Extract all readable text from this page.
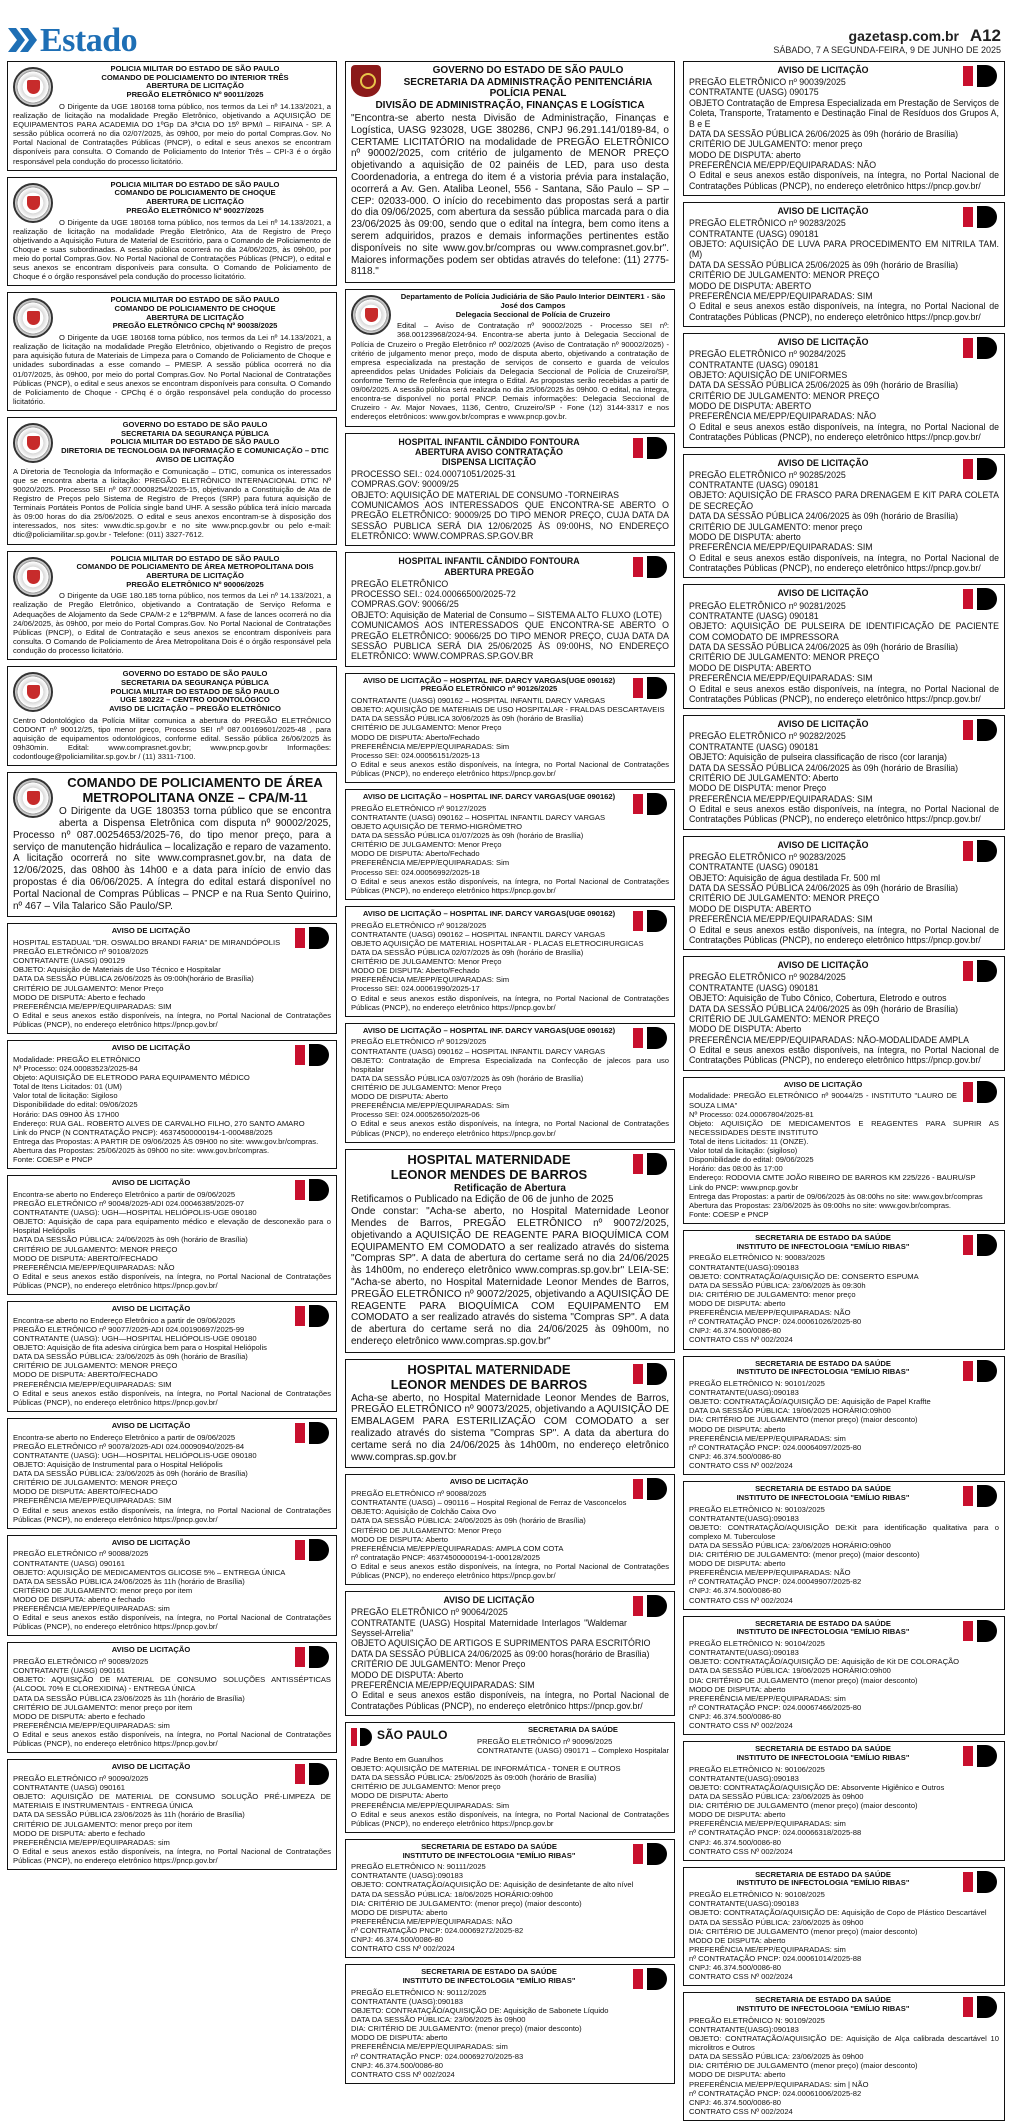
Estado	gazetasp.com.br A12
SÁBADO, 7 A SEGUNDA-FEIRA, 9 DE JUNHO DE 2025
POLICIA MILITAR DO ESTADO DE SÃO PAULO
COMANDO DE POLICIAMENTO DO INTERIOR TRÊS
ABERTURA DE LICITAÇÃO
PREGÃO ELETRÔNICO Nº 90011/2025
O Dirigente da UGE 180168 torna público, nos termos da Lei nº 14.133/2021, a realização de licitação na modalidade Pregão Eletrônico, objetivando a AQUISIÇÃO DE EQUIPAMENTOS PARA ACADEMIA DO 1ºGp DA 3ªCIA DO 15º BPM/I – RIFAINA - SP. A sessão pública ocorrerá no dia 02/07/2025, às 09h00, por meio do portal Compras.Gov. No Portal Nacional de Contratações Públicas (PNCP), o edital e seus anexos se encontram disponíveis para consulta. O Comando de Policiamento do Interior Três – CPI-3 é o órgão responsável pela condução do processo licitatório.
POLICIA MILITAR DO ESTADO DE SÃO PAULO
COMANDO DE POLICIAMENTO DE CHOQUE
ABERTURA DE LICITAÇÃO
PREGÃO ELETRÔNICO Nº 90027/2025
O Dirigente da UGE 180168 torna público, nos termos da Lei nº 14.133/2021, a realização de licitação na modalidade Pregão Eletrônico, Ata de Registro de Preço objetivando a Aquisição Futura de Material de Escritório, para o Comando de Policiamento de Choque e suas subordinadas. A sessão pública ocorrerá no dia 24/06/2025, às 09h00, por meio do portal Compras.Gov. No Portal Nacional de Contratações Públicas (PNCP), o edital e seus anexos se encontram disponíveis para consulta. O Comando de Policiamento de Choque é o órgão responsável pela condução do processo licitatório.
POLICIA MILITAR DO ESTADO DE SÃO PAULO
COMANDO DE POLICIAMENTO DE CHOQUE
ABERTURA DE LICITAÇÃO
PREGÃO ELETRÔNICO CPChq Nº 90038/2025
O Dirigente da UGE 180168 torna público, nos termos da Lei nº 14.133/2021, a realização de licitação na modalidade Pregão Eletrônico, objetivando o Registro de preços para aquisição futura de Materiais de Limpeza para o Comando de Policiamento de Choque e unidades subordinadas a esse comando – PMESP. A sessão pública ocorrerá no dia 01/07/2025, às 09h00, por meio do portal Compras.Gov. No Portal Nacional de Contratações Públicas (PNCP), o edital e seus anexos se encontram disponíveis para consulta. O Comando de Policiamento de Choque - CPChq é o órgão responsável pela condução do processo licitatório.
GOVERNO DO ESTADO DE SÃO PAULO
SECRETARIA DA SEGURANÇA PÚBLICA
POLICIA MILITAR DO ESTADO DE SÃO PAULO
DIRETORIA DE TECNOLOGIA DA INFORMAÇÃO E COMUNICAÇÃO – DTIC
AVISO DE LICITAÇÃO
A Diretoria de Tecnologia da Informação e Comunicação – DTIC, comunica os interessados que se encontra aberta a licitação: PREGÃO ELETRÔNICO INTERNACIONAL DTIC Nº 90020/2025. Processo SEI nº 087.00008254/2025-15, objetivando a Constituição de Ata de Registro de Preços pelo Sistema de Registro de Preços (SRP) para futura aquisição de Terminais Portáteis Pontos de Polícia single band UHF. A sessão pública terá início marcada às 09:00 horas do dia 25/06/2025. O edital e seus anexos encontram-se à disposição dos interessados, nos sites: www.dtic.sp.gov.br e no site www.pncp.gov.br ou pelo e-mail: dtic@policiamilitar.sp.gov.br - Telefone: (011) 3327-7612.
POLICIA MILITAR DO ESTADO DE SÃO PAULO
COMANDO DE POLICIAMENTO DE ÁREA METROPOLITANA DOIS
ABERTURA DE LICITAÇÃO
PREGÃO ELETRÔNICO Nº 90006/2025
O Dirigente da UGE 180.185 torna público, nos termos da Lei nº 14.133/2021, a realização de Pregão Eletrônico, objetivando a Contratação de Serviço Reforma e Adequações de Alojamento da Sede CPA/M-2 e 12ºBPM/M. A fase de lances ocorrerá no dia 24/06/2025, às 09h00, por meio do Portal Compras.Gov. No Portal Nacional de Contratações Públicas (PNCP), o Edital de Contratação e seus anexos se encontram disponíveis para consulta. O Comando de Policiamento de Área Metropolitana Dois é o órgão responsável pela condução do processo licitatório.
GOVERNO DO ESTADO DE SÃO PAULO
SECRETARIA DA SEGURANÇA PÚBLICA
POLICIA MILITAR DO ESTADO DE SÃO PAULO
UGE 180222 – CENTRO ODONTOLÓGICO
AVISO DE LICITAÇÃO – PREGÃO ELETRÔNICO
Centro Odontológico da Polícia Militar comunica a abertura do PREGÃO ELETRÔNICO CODONT nº 90012/25, tipo menor preço, Processo SEI nº 087.00169601/2025-48 , para aquisição de equipamentos odontológicos, conforme edital. Sessão pública 26/06/2025 às 09h30min. Edital: www.comprasnet.gov.br; www.pncp.gov.br Informações: codontlouge@policiamilitar.sp.gov.br / (11) 3311-7100.
COMANDO DE POLICIAMENTO DE ÁREA
METROPOLITANA ONZE – CPA/M-11
O Dirigente da UGE 180353 torna público que se encontra aberta a Dispensa Eletrônica com disputa nº 90002/2025, Processo nº 087.00254653/2025-76, do tipo menor preço, para a serviço de manutenção hidráulica – localização e reparo de vazamento. A licitação ocorrerá no site www.comprasnet.gov.br, na data de 12/06/2025, das 08h00 às 14h00 e a data para início de envio das propostas é dia 06/06/2025. A íntegra do edital estará disponível no Portal Nacional de Compras Públicas – PNCP e na Rua Sento Quirino, nº 467 – Vila Talarico São Paulo/SP.
AVISO DE LICITAÇÃO
HOSPITAL ESTADUAL "DR. OSWALDO BRANDI FARIA" DE MIRANDÓPOLIS
PREGÃO ELETRÔNICO nº 90108/2025
CONTRATANTE (UASG) 090129
OBJETO: Aquisição de Materiais de Uso Técnico e Hospitalar
DATA DA SESSÃO PÚBLICA 26/06/2025 às 09:00h(horário de Brasília)
CRITÉRIO DE JULGAMENTO: Menor Preço
MODO DE DISPUTA: Aberto e fechado
PREFERÊNCIA ME/EPP/EQUIPARADAS: SIM
O Edital e seus anexos estão disponíveis, na íntegra, no Portal Nacional de Contratações Públicas (PNCP), no endereço eletrônico https://pncp.gov.br/
AVISO DE LICITAÇÃO
Modalidade: PREGÃO ELETRÔNICO
Nº Processo: 024.00083523/2025-84
Objeto: AQUISIÇÃO DE ELETRODO PARA EQUIPAMENTO MÉDICO
Total de Itens Licitados: 01 (UM)
Valor total de licitação: Sigiloso
Disponibilidade do edital: 09/06/2025
Horário: DAS 09H00 ÀS 17H00
Endereço: RUA GAL. ROBERTO ALVES DE CARVALHO FILHO, 270 SANTO AMARO
Link do PNCP (N CONTRATAÇÃO PNCP): 46374500000194-1-000488/2025
Entrega das Propostas: A PARTIR DE 09/06/2025 ÀS 09H00 no site: www.gov.br/compras.
Abertura das Propostas: 25/06/2025 às 09h00 no site: www.gov.br/compras.
Fonte: COESP e PNCP
AVISO DE LICITAÇÃO
Encontra-se aberto no Endereço Eletrônico a partir de 09/06/2025
PREGÃO ELETRÔNICO nº 90048/2025-ADI 024.00046385/2025-07
CONTRATANTE (UASG): UGH—HOSPITAL HELIÓPOLIS-UGE 090180
OBJETO: Aquisição de capa para equipamento médico e elevação de desconexão para o Hospital Heliópolis
DATA DA SESSÃO PÚBLICA: 24/06/2025 às 09h (horário de Brasília)
CRITÉRIO DE JULGAMENTO: MENOR PREÇO
MODO DE DISPUTA: ABERTO/FECHADO
PREFERÊNCIA ME/EPP/EQUIPARADAS: NÃO
O Edital e seus anexos estão disponíveis, na íntegra, no Portal Nacional de Contratações Públicas (PNCP), no endereço eletrônico https://pncp.gov.br/
AVISO DE LICITAÇÃO
Encontra-se aberto no Endereço Eletrônico a partir de 09/06/2025
PREGÃO ELETRÔNICO nº 90077/2025-ADI 024.00190697/2025-99
CONTRATANTE (UASG): UGH—HOSPITAL HELIÓPOLIS-UGE 090180
OBJETO: Aquisição de fita adesiva cirúrgica bem para o Hospital Heliópolis
DATA DA SESSÃO PÚBLICA: 23/06/2025 às 09h (horário de Brasília)
CRITÉRIO DE JULGAMENTO: MENOR PREÇO
MODO DE DISPUTA: ABERTO/FECHADO
PREFERÊNCIA ME/EPP/EQUIPARADAS: SIM
O Edital e seus anexos estão disponíveis, na íntegra, no Portal Nacional de Contratações Públicas (PNCP), no endereço eletrônico https://pncp.gov.br/
AVISO DE LICITAÇÃO
Encontra-se aberto no Endereço Eletrônico a partir de 09/06/2025
PREGÃO ELETRÔNICO nº 90078/2025-ADI 024.00090940/2025-84
CONTRATANTE (UASG): UGH—HOSPITAL HELIÓPOLIS-UGE 090180
OBJETO: Aquisição de Instrumental para o Hospital Heliópolis
DATA DA SESSÃO PÚBLICA: 23/06/2025 às 09h (horário de Brasília)
CRITÉRIO DE JULGAMENTO: MENOR PREÇO
MODO DE DISPUTA: ABERTO/FECHADO
PREFERÊNCIA ME/EPP/EQUIPARADAS: SIM
O Edital e seus anexos estão disponíveis, na íntegra, no Portal Nacional de Contratações Públicas (PNCP), no endereço eletrônico https://pncp.gov.br/
AVISO DE LICITAÇÃO
PREGÃO ELETRÔNICO nº 90088/2025
CONTRATANTE (UASG) 090161
OBJETO: AQUISIÇÃO DE MEDICAMENTOS GLICOSE 5% – ENTREGA ÚNICA
DATA DA SESSÃO PÚBLICA 24/06/2025 às 11h (horário de Brasília)
CRITÉRIO DE JULGAMENTO: menor preço por item
MODO DE DISPUTA: aberto e fechado
PREFERÊNCIA ME/EPP/EQUIPARADAS: sim
O Edital e seus anexos estão disponíveis, na íntegra, no Portal Nacional de Contratações Públicas (PNCP), no endereço eletrônico https://pncp.gov.br/
AVISO DE LICITAÇÃO
PREGÃO ELETRÔNICO nº 90089/2025
CONTRATANTE (UASG) 090161
OBJETO: AQUISIÇÃO DE MATERIAL DE CONSUMO SOLUÇÕES ANTISSÉPTICAS (ALCOOL 70% E CLOREXIDINA) - ENTREGA ÚNICA
DATA DA SESSÃO PÚBLICA 23/06/2025 às 11h (horário de Brasília)
CRITÉRIO DE JULGAMENTO: menor preço por item
MODO DE DISPUTA: aberto e fechado
PREFERÊNCIA ME/EPP/EQUIPARADAS: sim
O Edital e seus anexos estão disponíveis, na íntegra, no Portal Nacional de Contratações Públicas (PNCP), no endereço eletrônico https://pncp.gov.br/
AVISO DE LICITAÇÃO
PREGÃO ELETRÔNICO nº 90090/2025
CONTRATANTE (UASG) 090161
OBJETO: AQUISIÇÃO DE MATERIAL DE CONSUMO SOLUÇÃO PRÉ-LIMPEZA DE MATERIAIS E INSTRUMENTAIS - ENTREGA ÚNICA
DATA DA SESSÃO PÚBLICA 23/06/2025 às 11h (horário de Brasília)
CRITÉRIO DE JULGAMENTO: menor preço por item
MODO DE DISPUTA: aberto e fechado
PREFERÊNCIA ME/EPP/EQUIPARADAS: sim
O Edital e seus anexos estão disponíveis, na íntegra, no Portal Nacional de Contratações Públicas (PNCP), no endereço eletrônico https://pncp.gov.br/
GOVERNO DO ESTADO DE SÃO PAULO
SECRETARIA DA ADMINISTRAÇÃO PENITENCIÁRIA
POLÍCIA PENAL
DIVISÃO DE ADMINISTRAÇÃO, FINANÇAS E LOGÍSTICA
"Encontra-se aberto nesta Divisão de Administração, Finanças e Logística, UASG 923028, UGE 380286, CNPJ 96.291.141/0189-84, o CERTAME LICITATÓRIO na modalidade de PREGÃO ELETRÔNICO nº 90002/2025, com critério de julgamento de MENOR PREÇO objetivando a aquisição de 02 painéis de LED, para uso desta Coordenadoria, a entrega do item é a vistoria prévia para instalação, ocorrerá a Av. Gen. Ataliba Leonel, 556 - Santana, São Paulo – SP – CEP: 02033-000. O início do recebimento das propostas será a partir do dia 09/06/2025, com abertura da sessão pública marcada para o dia 23/06/2025 às 09:00, sendo que o edital na íntegra, bem como itens a serem adquiridos, prazos e demais informações pertinentes estão disponíveis no site www.gov.br/compras ou www.comprasnet.gov.br". Maiores informações podem ser obtidas através do telefone: (11) 2775-8118."
Departamento de Polícia Judiciária de São Paulo Interior DEINTER1 - São José dos Campos
Delegacia Seccional de Polícia de Cruzeiro
Edital – Aviso de Contratação nº 90002/2025 - Processo SEI nº: 368.00123968/2024-94. Encontra-se aberta junto à Delegacia Seccional de Polícia de Cruzeiro o Pregão Eletrônico nº 002/2025 (Aviso de Contratação nº 90002/2025) - critério de julgamento menor preço, modo de disputa aberto, objetivando a contratação de empresa especializada na prestação de serviços de conserto e guarda de veículos apreendidos pelas Unidades Policiais da Delegacia Seccional de Polícia de Cruzeiro/SP, conforme Termo de Referência que integra o Edital. As propostas serão recebidas a partir de 09/06/2025. A sessão pública será realizada no dia 25/06/2025 às 09h00. O edital, na íntegra, encontra-se disponível no portal PNCP. Demais informações: Delegacia Seccional de Cruzeiro - Av. Major Novaes, 1136, Centro, Cruzeiro/SP - Fone (12) 3144-3317 e nos endereços eletrônicos: www.gov.br/compras e www.pncp.gov.br.
HOSPITAL INFANTIL CÂNDIDO FONTOURA
ABERTURA AVISO CONTRATAÇÃO
DISPENSA LICITAÇÃO
PROCESSO SEI.: 024.00071051/2025-31
COMPRAS.GOV: 90009/25
OBJETO: AQUISIÇÃO DE MATERIAL DE CONSUMO -TORNEIRAS
COMUNICAMOS AOS INTERESSADOS QUE ENCONTRA-SE ABERTO O PREGÃO ELETRÔNICO: 90009/25 DO TIPO MENOR PREÇO, CUJA DATA DA SESSÃO PUBLICA SERÁ DIA 12/06/2025 ÀS 09:00HS, NO ENDEREÇO ELETRÔNICO: WWW.COMPRAS.SP.GOV.BR
HOSPITAL INFANTIL CÂNDIDO FONTOURA
ABERTURA PREGÃO
PREGÃO ELETRÔNICO
PROCESSO SEI.: 024.00066500/2025-72
COMPRAS.GOV: 90066/25
OBJETO: Aquisição de Material de Consumo – SISTEMA ALTO FLUXO (LOTE)
COMUNICAMOS AOS INTERESSADOS QUE ENCONTRA-SE ABERTO O PREGÃO ELETRÔNICO: 90066/25 DO TIPO MENOR PREÇO, CUJA DATA DA SESSÃO PUBLICA SERÁ DIA 25/06/2025 ÀS 09:00HS, NO ENDEREÇO ELETRÔNICO: WWW.COMPRAS.SP.GOV.BR
AVISO DE LICITAÇÃO – HOSPITAL INF. DARCY VARGAS(UGE 090162)
PREGÃO ELETRÔNICO nº 90126/2025
CONTRATANTE (UASG) 090162 – HOSPITAL INFANTIL DARCY VARGAS
OBJETO: AQUISIÇÃO DE MATERIAIS DE USO HOSPITALAR - FRALDAS DESCARTAVEIS
DATA DA SESSÃO PÚBLICA 30/06/2025 às 09h (horário de Brasília)
CRITÉRIO DE JULGAMENTO: Menor Preço
MODO DE DISPUTA: Aberto/Fechado
PREFERÊNCIA ME/EPP/EQUIPARADAS: Sim
Processo SEI: 024.00056151/2025-13
O Edital e seus anexos estão disponíveis, na íntegra, no Portal Nacional de Contratações Públicas (PNCP), no endereço eletrônico https://pncp.gov.br/
AVISO DE LICITAÇÃO – HOSPITAL INF. DARCY VARGAS(UGE 090162)
PREGÃO ELETRÔNICO nº 90127/2025
CONTRATANTE (UASG) 090162 – HOSPITAL INFANTIL DARCY VARGAS
OBJETO AQUISIÇÃO DE TERMO-HIGRÔMETRO
DATA DA SESSÃO PÚBLICA 01/07/2025 às 09h (horário de Brasília)
CRITÉRIO DE JULGAMENTO: Menor Preço
MODO DE DISPUTA: Aberto/Fechado
PREFERÊNCIA ME/EPP/EQUIPARADAS: Sim
Processo SEI: 024.00056992/2025-18
O Edital e seus anexos estão disponíveis, na íntegra, no Portal Nacional de Contratações Públicas (PNCP), no endereço eletrônico https://pncp.gov.br/
AVISO DE LICITAÇÃO – HOSPITAL INF. DARCY VARGAS(UGE 090162)
PREGÃO ELETRÔNICO nº 90128/2025
CONTRATANTE (UASG) 090162 – HOSPITAL INFANTIL DARCY VARGAS
OBJETO AQUISIÇÃO DE MATERIAL HOSPITALAR - PLACAS ELETROCIRURGICAS
DATA DA SESSÃO PÚBLICA 02/07/2025 às 09h (horário de Brasília)
CRITÉRIO DE JULGAMENTO: Menor Preço
MODO DE DISPUTA: Aberto/Fechado
PREFERÊNCIA ME/EPP/EQUIPARADAS: Sim
Processo SEI: 024.00061990/2025-17
O Edital e seus anexos estão disponíveis, na íntegra, no Portal Nacional de Contratações Públicas (PNCP), no endereço eletrônico https://pncp.gov.br/
AVISO DE LICITAÇÃO – HOSPITAL INF. DARCY VARGAS(UGE 090162)
PREGÃO ELETRÔNICO nº 90129/2025
CONTRATANTE (UASG) 090162 – HOSPITAL INFANTIL DARCY VARGAS
OBJETO: Contratação de Empresa Especializada na Confecção de jalecos para uso hospitalar
DATA DA SESSÃO PÚBLICA 03/07/2025 às 09h (horário de Brasília)
CRITÉRIO DE JULGAMENTO: Menor Preço
MODO DE DISPUTA: Aberto
PREFERÊNCIA ME/EPP/EQUIPARADAS: Sim
Processo SEI: 024.00052650/2025-06
O Edital e seus anexos estão disponíveis, na íntegra, no Portal Nacional de Contratações Públicas (PNCP), no endereço eletrônico https://pncp.gov.br/
HOSPITAL MATERNIDADE
LEONOR MENDES DE BARROS
Retificação de Abertura
Retificamos o Publicado na Edição de 06 de junho de 2025
Onde constar: "Acha-se aberto, no Hospital Maternidade Leonor Mendes de Barros, PREGÃO ELETRÔNICO nº 90072/2025, objetivando a AQUISIÇÃO DE REAGENTE PARA BIOQUÍMICA COM EQUIPAMENTO EM COMODATO a ser realizado através do sistema "Compras SP". A data de abertura do certame será no dia 24/06/2025 às 14h00m, no endereço eletrônico www.compras.sp.gov.br" LEIA-SE: "Acha-se aberto, no Hospital Maternidade Leonor Mendes de Barros, PREGÃO ELETRÔNICO nº 90072/2025, objetivando a AQUISIÇÃO DE REAGENTE PARA BIOQUÍMICA COM EQUIPAMENTO EM COMODATO a ser realizado através do sistema "Compras SP". A data de abertura do certame será no dia 24/06/2025 às 09h00m, no endereço eletrônico www.compras.sp.gov.br"
HOSPITAL MATERNIDADE
LEONOR MENDES DE BARROS
Acha-se aberto, no Hospital Maternidade Leonor Mendes de Barros, PREGÃO ELETRÔNICO nº 90073/2025, objetivando a AQUISIÇÃO DE EMBALAGEM PARA ESTERILIZAÇÃO COM COMODATO a ser realizado através do sistema "Compras SP". A data da abertura do certame será no dia 24/06/2025 às 14h00m, no endereço eletrônico www.compras.sp.gov.br
AVISO DE LICITAÇÃO
PREGÃO ELETRÔNICO nº 90088/2025
CONTRATANTE (UASG) – 090116 – Hospital Regional de Ferraz de Vasconcelos
OBJETO: Aquisição de Colchão Caixa Ovo
DATA DA SESSÃO PÚBLICA: 24/06/2025 às 09h (horário de Brasília)
CRITÉRIO DE JULGAMENTO: Menor Preço
MODO DE DISPUTA: Aberto
PREFERÊNCIA ME/EPP/EQUIPARADAS: AMPLA COM COTA
nº contratação PNCP: 46374500000194-1-000128/2025
O Edital e seus anexos estão disponíveis, na íntegra, no Portal Nacional de Contratações Públicas (PNCP), no endereço eletrônico https://pncp.gov.br/
AVISO DE LICITAÇÃO
PREGÃO ELETRÔNICO nº 90064/2025
CONTRATANTE (UASG) Hospital Maternidade Interlagos "Waldemar Seyssel-Arrelia"
OBJETO AQUISIÇÃO DE ARTIGOS E SUPRIMENTOS PARA ESCRITÓRIO
DATA DA SESSÃO PÚBLICA 24/06/2025 às 09:00 horas(horário de Brasília)
CRITÉRIO DE JULGAMENTO: Menor Preço
MODO DE DISPUTA: Aberto
PREFERÊNCIA ME/EPP/EQUIPARADAS: SIM
O Edital e seus anexos estão disponíveis, na íntegra, no Portal Nacional de Contratações Públicas (PNCP), no endereço eletrônico https://pncp.gov.br/
SÃO PAULO	SECRETARIA DA SAÚDE
PREGÃO ELETRÔNICO nº 90096/2025
CONTRATANTE (UASG) 090171 – Complexo Hospitalar Padre Bento em Guarulhos
OBJETO: AQUISIÇÃO DE MATERIAL DE INFORMÁTICA - TONER E OUTROS
DATA DA SESSÃO PÚBLICA: 25/06/2025 às 09:00h (horário de Brasília)
CRITÉRIO DE JULGAMENTO: Menor preço
MODO DE DISPUTA: Aberto
PREFERÊNCIA ME/EPP/EQUIPARADAS: Sim
O Edital e seus anexos estão disponíveis, na íntegra, no Portal Nacional de Contratações Públicas (PNCP), no endereço eletrônico https://pncp.gov.br
SECRETARIA DE ESTADO DA SAÚDE
INSTITUTO DE INFECTOLOGIA "EMÍLIO RIBAS"
PREGÃO ELETRÔNICO N: 90111/2025
CONTRATANTE (UASG):090183
OBJETO: CONTRATAÇÃO/AQUISIÇÃO DE: Aquisição de desinfetante de alto nível
DATA DA SESSÃO PÚBLICA: 18/06/2025 HORÁRIO:09h00
DIA: CRITÉRIO DE JULGAMENTO: (menor preço) (maior desconto)
MODO DE DISPUTA: aberto
PREFERÊNCIA ME/EPP/EQUIPARADAS: NÃO
nº CONTRATAÇÃO PNCP: 024.00069272/2025-82
CNPJ: 46.374.500/0086-80
CONTRATO CSS Nº 002/2024
SECRETARIA DE ESTADO DA SAÚDE
INSTITUTO DE INFECTOLOGIA "EMÍLIO RIBAS"
PREGÃO ELETRÔNICO N: 90112/2025
CONTRATANTE (UASG):090183
OBJETO: CONTRATAÇÃO/AQUISIÇÃO DE: Aquisição de Sabonete Líquido
DATA DA SESSÃO PÚBLICA: 23/06/2025 às 09h00
DIA: CRITÉRIO DE JULGAMENTO: (menor preço) (maior desconto)
MODO DE DISPUTA: aberto
PREFERÊNCIA ME/EPP/EQUIPARADAS: sim
nº CONTRATAÇÃO PNCP: 024.00069270/2025-83
CNPJ: 46.374.500/0086-80
CONTRATO CSS Nº 002/2024
AVISO DE LICITAÇÃO
PREGÃO ELETRÔNICO nº 90039/2025
CONTRATANTE (UASG) 090175
OBJETO Contratação de Empresa Especializada em Prestação de Serviços de Coleta, Transporte, Tratamento e Destinação Final de Resíduos dos Grupos A, B e E
DATA DA SESSÃO PÚBLICA 26/06/2025 às 09h (horário de Brasília)
CRITÉRIO DE JULGAMENTO: menor preço
MODO DE DISPUTA: aberto
PREFERÊNCIA ME/EPP/EQUIPARADAS: NÃO
O Edital e seus anexos estão disponíveis, na íntegra, no Portal Nacional de Contratações Públicas (PNCP), no endereço eletrônico https://pncp.gov.br/
AVISO DE LICITAÇÃO
PREGÃO ELETRÔNICO nº 90283/2025
CONTRATANTE (UASG) 090181
OBJETO: AQUISIÇÃO DE LUVA PARA PROCEDIMENTO EM NITRILA TAM. (M)
DATA DA SESSÃO PÚBLICA 25/06/2025 às 09h (horário de Brasília)
CRITÉRIO DE JULGAMENTO: MENOR PREÇO
MODO DE DISPUTA: ABERTO
PREFERÊNCIA ME/EPP/EQUIPARADAS: SIM
O Edital e seus anexos estão disponíveis, na íntegra, no Portal Nacional de Contratações Públicas (PNCP), no endereço eletrônico https://pncp.gov.br/
AVISO DE LICITAÇÃO
PREGÃO ELETRÔNICO nº 90284/2025
CONTRATANTE (UASG) 090181
OBJETO: AQUISIÇÃO DE UNIFORMES
DATA DA SESSÃO PÚBLICA 25/06/2025 às 09h (horário de Brasília)
CRITÉRIO DE JULGAMENTO: MENOR PREÇO
MODO DE DISPUTA: ABERTO
PREFERÊNCIA ME/EPP/EQUIPARADAS: NÃO
O Edital e seus anexos estão disponíveis, na íntegra, no Portal Nacional de Contratações Públicas (PNCP), no endereço eletrônico https://pncp.gov.br/
AVISO DE LICITAÇÃO
PREGÃO ELETRÔNICO nº 90285/2025
CONTRATANTE (UASG) 090181
OBJETO: AQUISIÇÃO DE FRASCO PARA DRENAGEM E KIT PARA COLETA DE SECREÇÃO
DATA DA SESSÃO PÚBLICA 24/06/2025 às 09h (horário de Brasília)
CRITÉRIO DE JULGAMENTO: menor preço
MODO DE DISPUTA: aberto
PREFERÊNCIA ME/EPP/EQUIPARADAS: SIM
O Edital e seus anexos estão disponíveis, na íntegra, no Portal Nacional de Contratações Públicas (PNCP), no endereço eletrônico https://pncp.gov.br/
AVISO DE LICITAÇÃO
PREGÃO ELETRÔNICO nº 90281/2025
CONTRATANTE (UASG) 090181
OBJETO: AQUISIÇÃO DE PULSEIRA DE IDENTIFICAÇÃO DE PACIENTE COM COMODATO DE IMPRESSORA
DATA DA SESSÃO PÚBLICA 24/06/2025 às 09h (horário de Brasília)
CRITÉRIO DE JULGAMENTO: MENOR PREÇO
MODO DE DISPUTA: ABERTO
PREFERÊNCIA ME/EPP/EQUIPARADAS: SIM
O Edital e seus anexos estão disponíveis, na íntegra, no Portal Nacional de Contratações Públicas (PNCP), no endereço eletrônico https://pncp.gov.br/
AVISO DE LICITAÇÃO
PREGÃO ELETRÔNICO nº 90282/2025
CONTRATANTE (UASG) 090181
OBJETO: Aquisição de pulseira classificação de risco (cor laranja)
DATA DA SESSÃO PÚBLICA 24/06/2025 às 09h (horário de Brasília)
CRITÉRIO DE JULGAMENTO: Aberto
MODO DE DISPUTA: menor Preço
PREFERÊNCIA ME/EPP/EQUIPARADAS: SIM
O Edital e seus anexos estão disponíveis, na íntegra, no Portal Nacional de Contratações Públicas (PNCP), no endereço eletrônico https://pncp.gov.br/
AVISO DE LICITAÇÃO
PREGÃO ELETRÔNICO nº 90283/2025
CONTRATANTE (UASG) 090181
OBJETO: Aquisição de água destilada Fr. 500 ml
DATA DA SESSÃO PÚBLICA 24/06/2025 às 09h (horário de Brasília)
CRITÉRIO DE JULGAMENTO: MENOR PREÇO
MODO DE DISPUTA: ABERTO
PREFERÊNCIA ME/EPP/EQUIPARADAS: SIM
O Edital e seus anexos estão disponíveis, na íntegra, no Portal Nacional de Contratações Públicas (PNCP), no endereço eletrônico https://pncp.gov.br/
AVISO DE LICITAÇÃO
PREGÃO ELETRÔNICO nº 90284/2025
CONTRATANTE (UASG) 090181
OBJETO: Aquisição de Tubo Cônico, Cobertura, Eletrodo e outros
DATA DA SESSÃO PÚBLICA 24/06/2025 às 09h (horário de Brasília)
CRITÉRIO DE JULGAMENTO: MENOR PREÇO
MODO DE DISPUTA: Aberto
PREFERÊNCIA ME/EPP/EQUIPARADAS: NÃO-MODALIDADE AMPLA
O Edital e seus anexos estão disponíveis, na íntegra, no Portal Nacional de Contratações Públicas (PNCP), no endereço eletrônico https://pncp.gov.br/
AVISO DE LICITAÇÃO
Modalidade: PREGÃO ELETRÔNICO nº 90044/25 - INSTITUTO "LAURO DE SOUZA LIMA"
Nº Processo: 024.00067804/2025-81
Objeto: AQUISIÇÃO DE MEDICAMENTOS E REAGENTES PARA SUPRIR AS NECESSIDADES DESTE INSTITUTO
Total de itens Licitados: 11 (ONZE).
Valor total da licitação: (sigiloso)
Disponibilidade do edital: 09/06/2025
Horário: das 08:00 às 17:00
Endereço: RODOVIA CMTE JOÃO RIBEIRO DE BARROS KM 225/226 - BAURU/SP
Link do PNCP: www.pncp.gov.br
Entrega das Propostas: a partir de 09/06/2025 às 08:00hs no site: www.gov.br/compras
Abertura das Propostas: 23/06/2025 às 09:00hs no site: www.gov.br/compras.
Fonte: COESP e PNCP
SECRETARIA DE ESTADO DA SAÚDE
INSTITUTO DE INFECTOLOGIA "EMÍLIO RIBAS"
PREGÃO ELETRÔNICO N: 90083/2025
CONTRATANTE(UASG):090183
OBJETO: CONTRATAÇÃO/AQUISIÇÃO DE: CONSERTO ESPUMA
DATA DA SESSÃO PÚBLICA: 23/06/2025 às 09:30h
DIA: CRITÉRIO DE JULGAMENTO: menor preço
MODO DE DISPUTA: aberto
PREFERÊNCIA ME/EPP/EQUIPARADAS: NÃO
nº CONTRATAÇÃO PNCP: 024.00061026/2025-80
CNPJ: 46.374.500/0086-80
CONTRATO CSS Nº 002/2024
SECRETARIA DE ESTADO DA SAÚDE
INSTITUTO DE INFECTOLOGIA "EMÍLIO RIBAS"
PREGÃO ELETRÔNICO N: 90101/2025
CONTRATANTE(UASG):090183
OBJETO: CONTRATAÇÃO/AQUISIÇÃO DE: Aquisição de Papel Kraffte
DATA DA SESSÃO PÚBLICA: 19/06/2025 HORÁRIO:09h00
DIA: CRITÉRIO DE JULGAMENTO (menor preço) (maior desconto)
MODO DE DISPUTA: aberto
PREFERÊNCIA ME/EPP/EQUIPARADAS: sim
nº CONTRATAÇÃO PNCP: 024.00064097/2025-80
CNPJ: 46.374.500/0086-80
CONTRATO CSS Nº 002/2024
SECRETARIA DE ESTADO DA SAÚDE
INSTITUTO DE INFECTOLOGIA "EMÍLIO RIBAS"
PREGÃO ELETRÔNICO N: 90103/2025
CONTRATANTE(UASG):090183
OBJETO: CONTRATAÇÃO/AQUISIÇÃO DE:Kit para identificação qualitativa para o complexo M. Tuberculose
DATA DA SESSÃO PÚBLICA: 23/06/2025 HORÁRIO:09h00
DIA: CRITÉRIO DE JULGAMENTO: (menor preço) (maior desconto)
MODO DE DISPUTA: aberto
PREFERÊNCIA ME/EPP/EQUIPARADAS: NÃO
nº CONTRATAÇÃO PNCP: 024.00049907/2025-82
CNPJ: 46.374.500/0086-80
CONTRATO CSS Nº 002/2024
SECRETARIA DE ESTADO DA SAÚDE
INSTITUTO DE INFECTOLOGIA "EMÍLIO RIBAS"
PREGÃO ELETRÔNICO N: 90104/2025
CONTRATANTE(UASG):090183
OBJETO: CONTRATAÇÃO/AQUISIÇÃO DE: Aquisição de Kit DE COLORAÇÃO
DATA DA SESSÃO PÚBLICA: 19/06/2025 HORÁRIO:09h00
DIA: CRITÉRIO DE JULGAMENTO (menor preço) (maior desconto)
MODO DE DISPUTA: aberto
PREFERÊNCIA ME/EPP/EQUIPARADAS: sim
nº CONTRATAÇÃO PNCP: 024.00067466/2025-80
CNPJ: 46.374.500/0086-80
CONTRATO CSS Nº 002/2024
SECRETARIA DE ESTADO DA SAÚDE
INSTITUTO DE INFECTOLOGIA "EMÍLIO RIBAS"
PREGÃO ELETRÔNICO N: 90106/2025
CONTRATANTE(UASG):090183
OBJETO: CONTRATAÇÃO/AQUISIÇÃO DE: Absorvente Higiênico e Outros
DATA DA SESSÃO PÚBLICA: 23/06/2025 às 09h00
DIA: CRITÉRIO DE JULGAMENTO (menor preço) (maior desconto)
MODO DE DISPUTA: aberto
PREFERÊNCIA ME/EPP/EQUIPARADAS: sim
nº CONTRATAÇÃO PNCP: 024.00066318/2025-88
CNPJ: 46.374.500/0086-80
CONTRATO CSS Nº 002/2024
SECRETARIA DE ESTADO DA SAÚDE
INSTITUTO DE INFECTOLOGIA "EMÍLIO RIBAS"
PREGÃO ELETRÔNICO N: 90108/2025
CONTRATANTE(UASG):090183
OBJETO: CONTRATAÇÃO/AQUISIÇÃO DE: Aquisição de Copo de Plástico Descartável
DATA DA SESSÃO PÚBLICA: 23/06/2025 às 09h00
DIA: CRITÉRIO DE JULGAMENTO (menor preço) (maior desconto)
MODO DE DISPUTA: aberto
PREFERÊNCIA ME/EPP/EQUIPARADAS: sim
nº CONTRATAÇÃO PNCP: 024.00061014/2025-88
CNPJ: 46.374.500/0086-80
CONTRATO CSS Nº 002/2024
SECRETARIA DE ESTADO DA SAÚDE
INSTITUTO DE INFECTOLOGIA "EMÍLIO RIBAS"
PREGÃO ELETRÔNICO N: 90109/2025
CONTRATANTE(UASG):090183
OBJETO: CONTRATAÇÃO/AQUISIÇÃO DE: Aquisição de Alça calibrada descartável 10 microlitros e Outros
DATA DA SESSÃO PÚBLICA: 23/06/2025 às 09h00
DIA: CRITÉRIO DE JULGAMENTO (menor preço) (maior desconto)
MODO DE DISPUTA: aberto
PREFERÊNCIA ME/EPP/EQUIPARADAS: sim | NÃO
nº CONTRATAÇÃO PNCP: 024.00061006/2025-82
CNPJ: 46.374.500/0086-80
CONTRATO CSS Nº 002/2024
